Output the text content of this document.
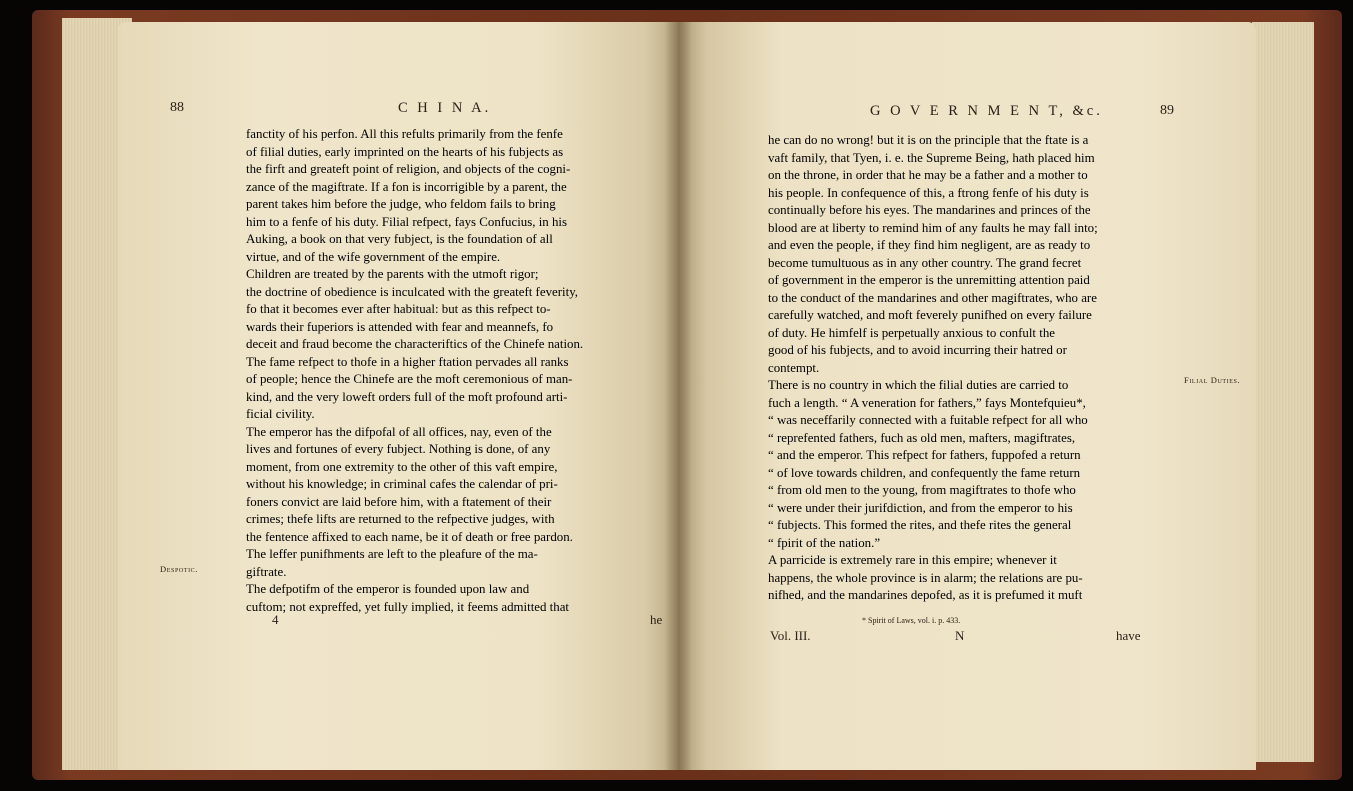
88	C H I N A.
fanctity of his perfon. All this refults primarily from the fenfe
of filial duties, early imprinted on the hearts of his fubjects as
the firft and greateft point of religion, and objects of the cogni-
zance of the magiftrate. If a fon is incorrigible by a parent, the
parent takes him before the judge, who feldom fails to bring
him to a fenfe of his duty. Filial refpect, fays Confucius, in his
Auking, a book on that very fubject, is the foundation of all
virtue, and of the wife government of the empire.
Children are treated by the parents with the utmoft rigor;
the doctrine of obedience is inculcated with the greateft feverity,
fo that it becomes ever after habitual: but as this refpect to-
wards their fuperiors is attended with fear and meannefs, fo
deceit and fraud become the characteriftics of the Chinefe nation.
The fame refpect to thofe in a higher ftation pervades all ranks
of people; hence the Chinefe are the moft ceremonious of man-
kind, and the very loweft orders full of the moft profound arti-
ficial civility.
The emperor has the difpofal of all offices, nay, even of the
lives and fortunes of every fubject. Nothing is done, of any
moment, from one extremity to the other of this vaft empire,
without his knowledge; in criminal cafes the calendar of pri-
foners convict are laid before him, with a ftatement of their
crimes; thefe lifts are returned to the refpective judges, with
the fentence affixed to each name, be it of death or free pardon.
The leffer punifhments are left to the pleafure of the ma-
giftrate.
The defpotifm of the emperor is founded upon law and
cuftom; not expreffed, yet fully implied, it feems admitted that
Despotic.
4	he
G O V E R N M E N T, &c.	89
he can do no wrong! but it is on the principle that the ftate is a
vaft family, that Tyen, i. e. the Supreme Being, hath placed him
on the throne, in order that he may be a father and a mother to
his people. In confequence of this, a ftrong fenfe of his duty is
continually before his eyes. The mandarines and princes of the
blood are at liberty to remind him of any faults he may fall into;
and even the people, if they find him negligent, are as ready to
become tumultuous as in any other country. The grand fecret
of government in the emperor is the unremitting attention paid
to the conduct of the mandarines and other magiftrates, who are
carefully watched, and moft feverely punifhed on every failure
of duty. He himfelf is perpetually anxious to confult the
good of his fubjects, and to avoid incurring their hatred or
contempt.
There is no country in which the filial duties are carried to
fuch a length. “ A veneration for fathers,” fays Montefquieu*,
“ was neceffarily connected with a fuitable refpect for all who
“ reprefented fathers, fuch as old men, mafters, magiftrates,
“ and the emperor. This refpect for fathers, fuppofed a return
“ of love towards children, and confequently the fame return
“ from old men to the young, from magiftrates to thofe who
“ were under their jurifdiction, and from the emperor to his
“ fubjects. This formed the rites, and thefe rites the general
“ fpirit of the nation.”
A parricide is extremely rare in this empire; whenever it
happens, the whole province is in alarm; the relations are pu-
nifhed, and the mandarines depofed, as it is prefumed it muft
Filial Duties.
* Spirit of Laws, vol. i. p. 433.
Vol. III.	N	have
